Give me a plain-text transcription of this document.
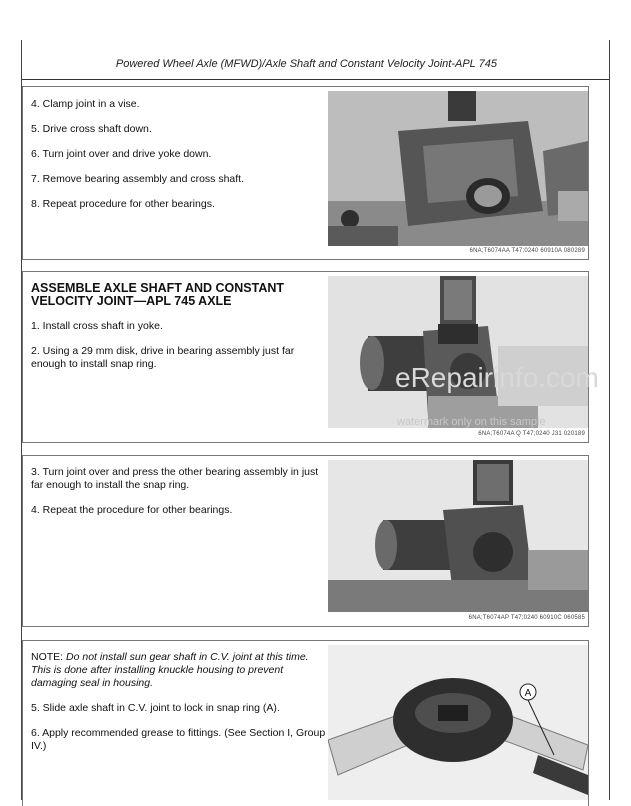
Powered Wheel Axle (MFWD)/Axle Shaft and Constant Velocity Joint-APL 745

4. Clamp joint in a vise.

5. Drive cross shaft down.

6. Turn joint over and drive yoke down.

7. Remove bearing assembly and cross shaft.

8. Repeat procedure for other bearings.

6NA;T6074AA T47;0240 60910A 080289

ASSEMBLE AXLE SHAFT AND CONSTANT

VELOCITY JOINT—APL 745 AXLE

1. Install cross shaft in yoke.

2. Using a 29 mm disk, drive in bearing assembly just far enough to install snap ring.

6NA;T6074A Q T47;0240 J31 020189

3. Turn joint over and press the other bearing assembly in just far enough to install the snap ring.

4. Repeat the procedure for other bearings.

6NA;T6074AP T47;0240 60910C 060585

NOTE: Do not install sun gear shaft in C.V. joint at this time. This is done after installing knuckle housing to prevent damaging seal in housing.

5. Slide axle shaft in C.V. joint to lock in snap ring (A).

6. Apply recommended grease to fittings. (See Section I, Group IV.)

A
eRepairinfo.com
watermark only on this sample
